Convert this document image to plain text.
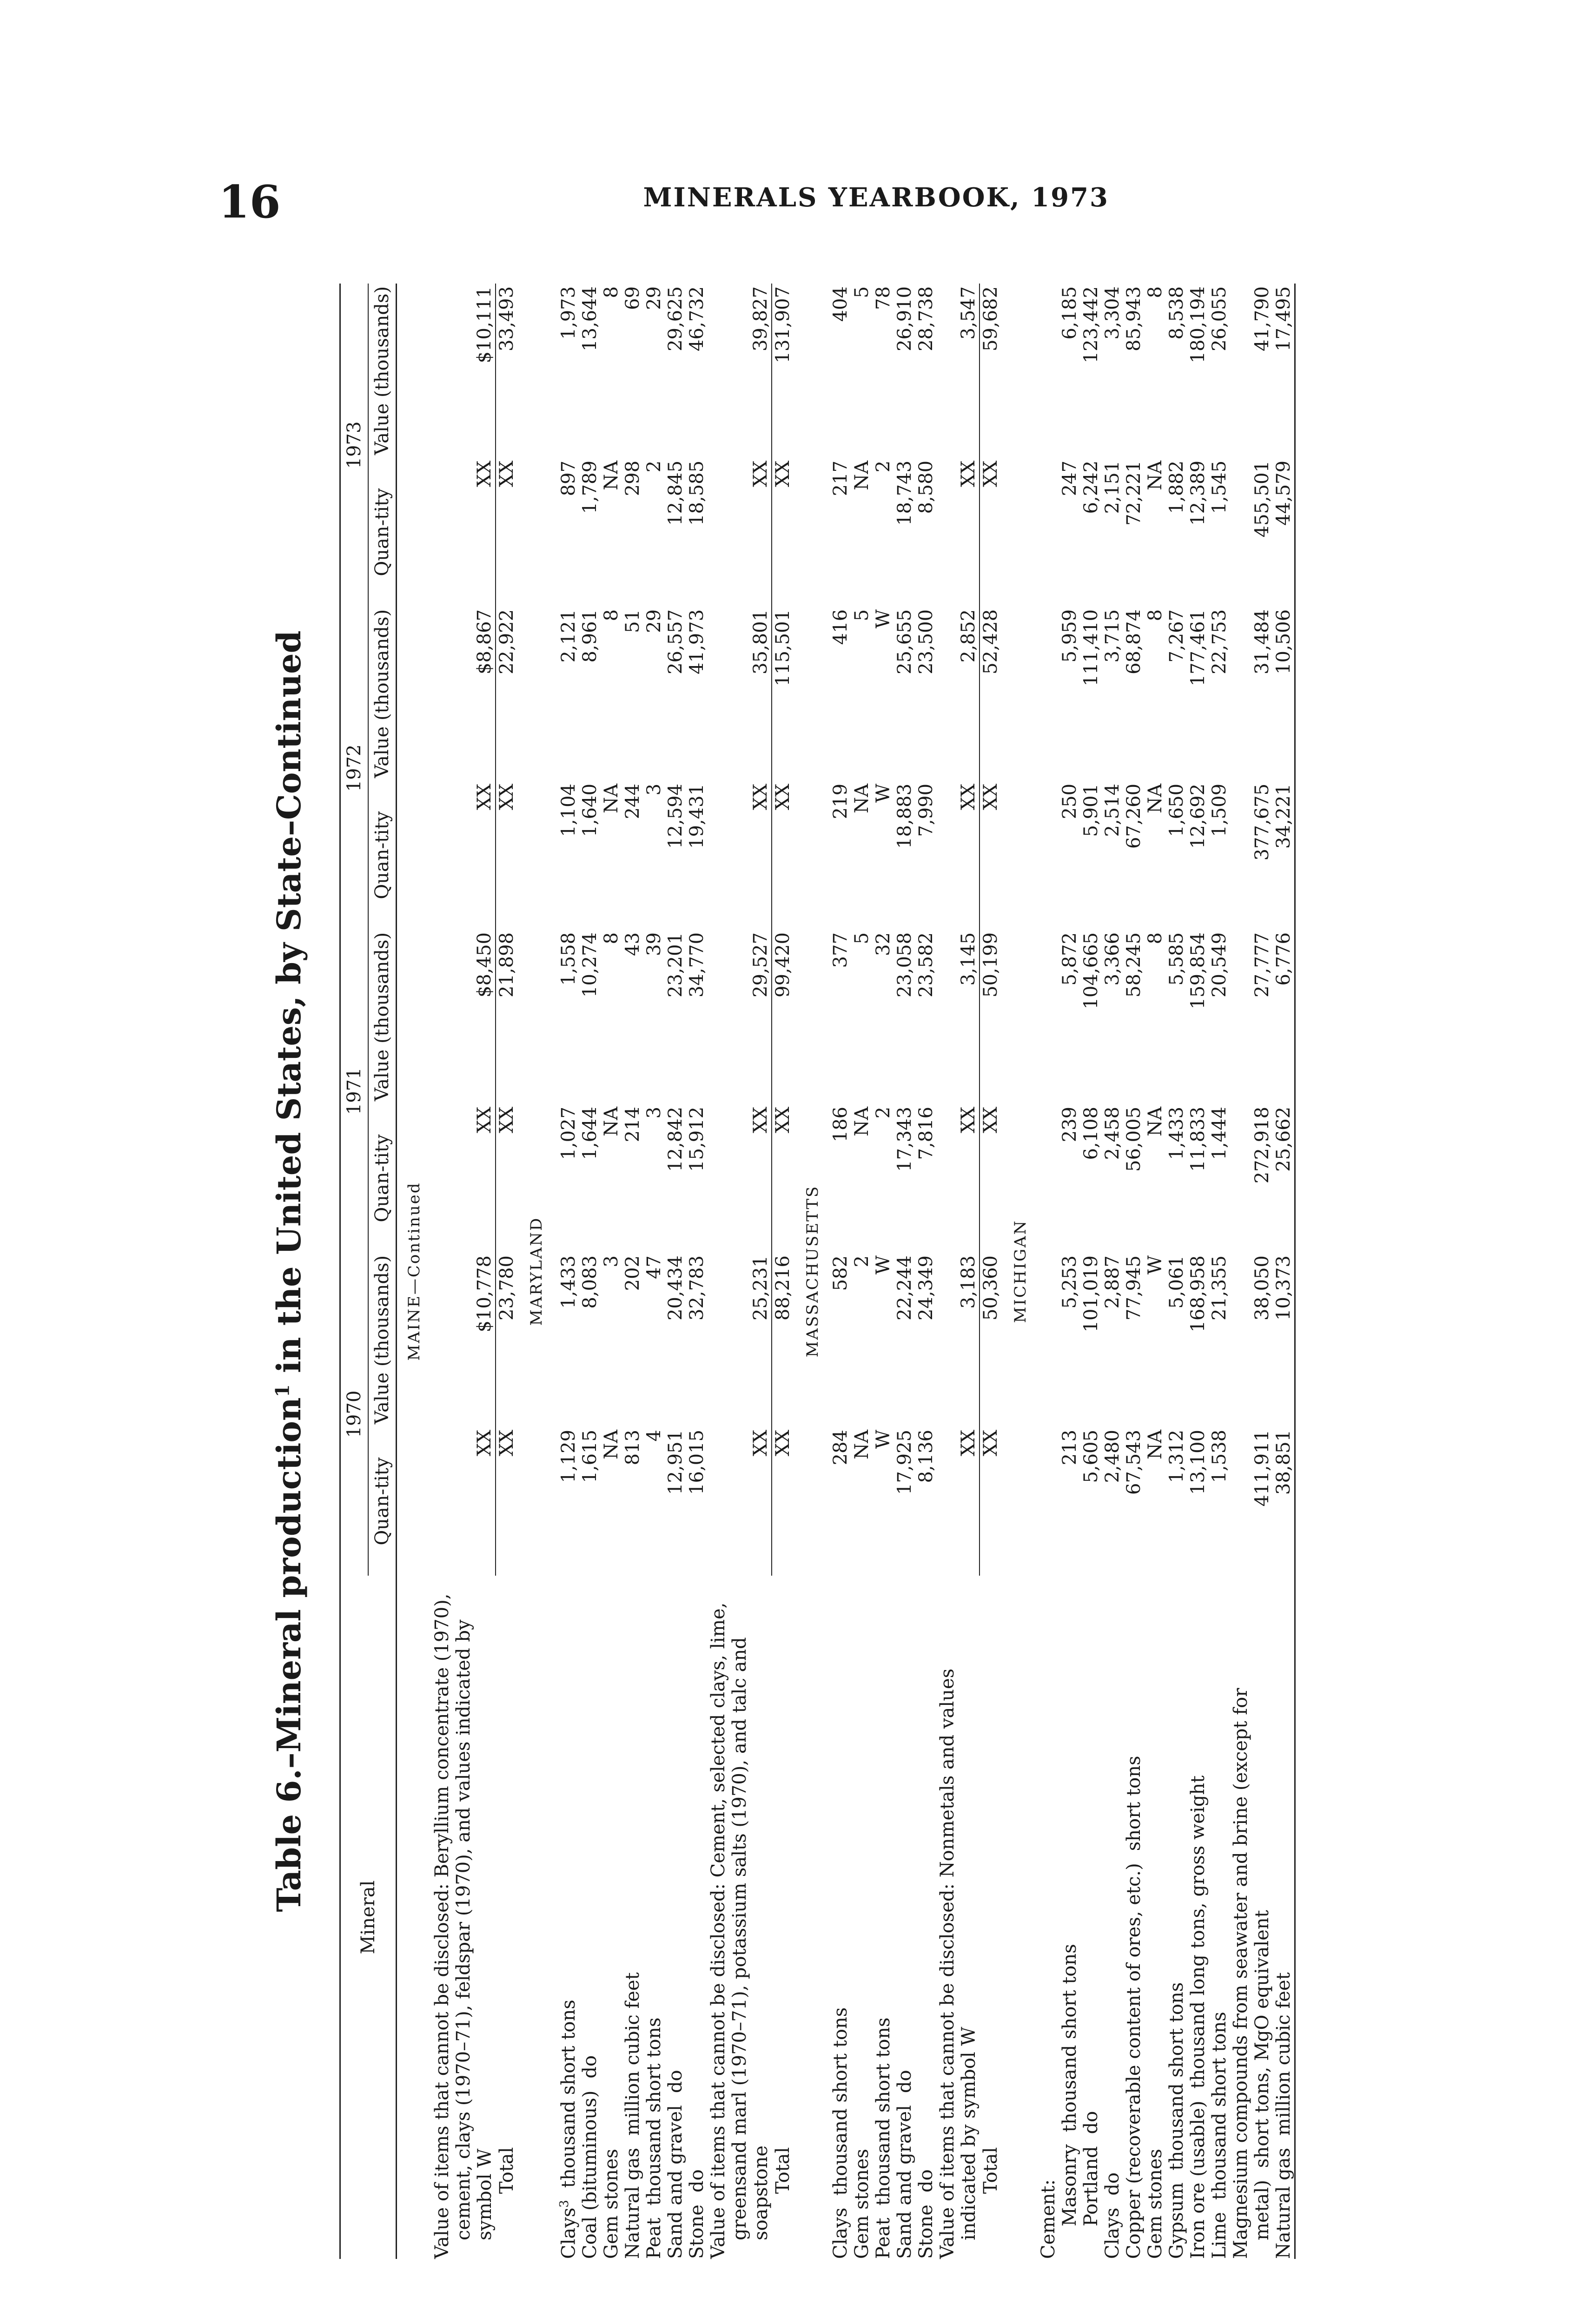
16	MINERALS YEARBOOK, 1973
Table 6.–Mineral production$^1$ in the United States, by State–Continued
Mineral	1970		1971		1972		1973	
	Quan-tity	Value (thousands)	Quan-tity	Value (thousands)	Quan-tity	Value (thousands)	Quan-tity	Value (thousands)
MAINE—Continued								
Value of items that cannot be disclosed: Beryllium concentrate (1970), cement, clays (1970–71), feldspar (1970), and values indicated by symbol W	XX	$10,778	XX	$8,450	XX	$8,867	XX	$10,111
Total	XX	23,780	XX	21,898	XX	22,922	XX	33,493
MARYLAND								
Clays$^3$thousand short tons	1,129	1,433	1,027	1,558	1,104	2,121	897	1,973
Coal (bituminous)do	1,615	8,083	1,644	10,274	1,640	8,961	1,789	13,644
Gem stones	NA	3	NA	8	NA	8	NA	8
Natural gasmillion cubic feet	813	202	214	43	244	51	298	69
Peatthousand short tons	4	47	3	39	3	29	2	29
Sand and graveldo	12,951	20,434	12,842	23,201	12,594	26,557	12,845	29,625
Stonedo	16,015	32,783	15,912	34,770	19,431	41,973	18,585	46,732
Value of items that cannot be disclosed: Cement, selected clays, lime, greensand marl (1970–71), potassium salts (1970), and talc and soapstone	XX	25,231	XX	29,527	XX	35,801	XX	39,827
Total	XX	88,216	XX	99,420	XX	115,501	XX	131,907
MASSACHUSETTS								
Claysthousand short tons	284	582	186	377	219	416	217	404
Gem stones	NA	2	NA	5	NA	5	NA	5
Peatthousand short tons	W	W	2	32	W	W	2	78
Sand and graveldo	17,925	22,244	17,343	23,058	18,883	25,655	18,743	26,910
Stonedo	8,136	24,349	7,816	23,582	7,990	23,500	8,580	28,738
Value of items that cannot be disclosed: Nonmetals and values indicated by symbol W	XX	3,183	XX	3,145	XX	2,852	XX	3,547
Total	XX	50,360	XX	50,199	XX	52,428	XX	59,682
MICHIGAN								
Cement:								
Masonrythousand short tons	213	5,253	239	5,872	250	5,959	247	6,185
Portlanddo	5,605	101,019	6,108	104,665	5,901	111,410	6,242	123,442
Claysdo	2,480	2,887	2,458	3,366	2,514	3,715	2,151	3,304
Copper (recoverable content of ores, etc.)short tons	67,543	77,945	56,005	58,245	67,260	68,874	72,221	85,943
Gem stones	NA	W	NA	8	NA	8	NA	8
Gypsumthousand short tons	1,312	5,061	1,433	5,585	1,650	7,267	1,882	8,538
Iron ore (usable)thousand long tons, gross weight	13,100	168,958	11,833	159,854	12,692	177,461	12,389	180,194
Limethousand short tons	1,538	21,355	1,444	20,549	1,509	22,753	1,545	26,055
Magnesium compounds from seawater and brine (except for metal)short tons, MgO equivalent	411,911	38,050	272,918	27,777	377,675	31,484	455,501	41,790
Natural gasmillion cubic feet	38,851	10,373	25,662	6,776	34,221	10,506	44,579	17,495
